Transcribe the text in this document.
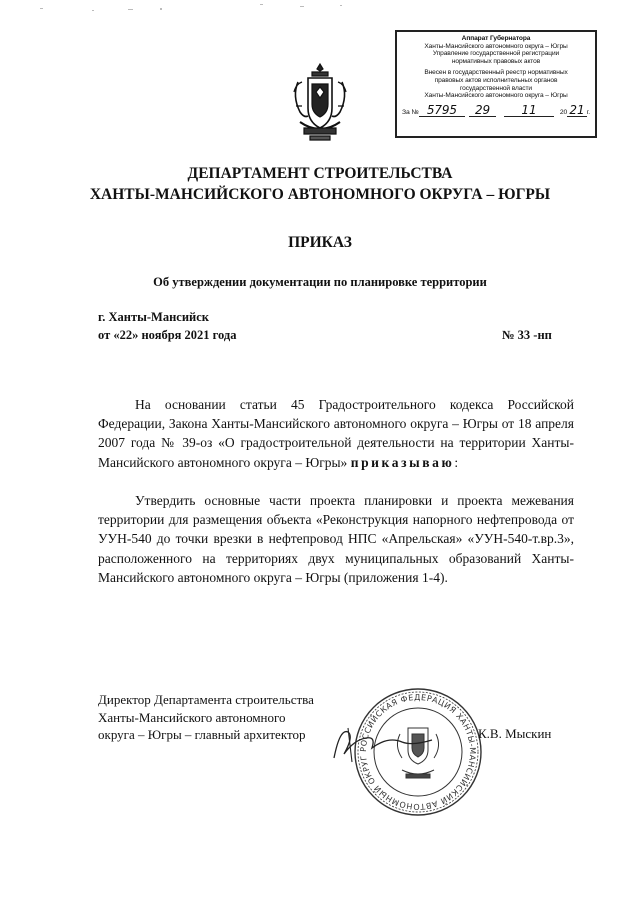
Аппарат Губернатора
Ханты-Мансийского автономного округа – Югры
Управление государственной регистрации
нормативных правовых актов
Внесен в государственный реестр нормативных
правовых актов исполнительных органов
государственной власти
Ханты-Мансийского автономного округа – Югры
За № 5795	29	11	20 21 г.
ДЕПАРТАМЕНТ СТРОИТЕЛЬСТВА
ХАНТЫ-МАНСИЙСКОГО АВТОНОМНОГО ОКРУГА – ЮГРЫ
ПРИКАЗ
Об утверждении документации по планировке территории
г. Ханты-Мансийск
от «22» ноября 2021 года	№ 33 -нп

На основании статьи 45 Градостроительного кодекса Российской Федерации, Закона Ханты-Мансийского автономного округа – Югры от 18 апреля 2007 года № 39-оз «О градостроительной деятельности на территории Ханты-Мансийского автономного округа – Югры» приказываю:

Утвердить основные части проекта планировки и проекта межевания территории для размещения объекта «Реконструкция напорного нефтепровода от УУН-540 до точки врезки в нефтепровод НПС «Апрельская» «УУН-540-т.вр.3», расположенного на территориях двух муниципальных образований Ханты-Мансийского автономного округа – Югры (приложения 1-4).

Директор Департамента строительства
Ханты-Мансийского автономного
округа – Югры – главный архитектор
РОССИЙСКАЯ ФЕДЕРАЦИЯ ХАНТЫ-МАНСИЙСКИЙ АВТОНОМНЫЙ ОКРУГ
К.В. Мыскин
